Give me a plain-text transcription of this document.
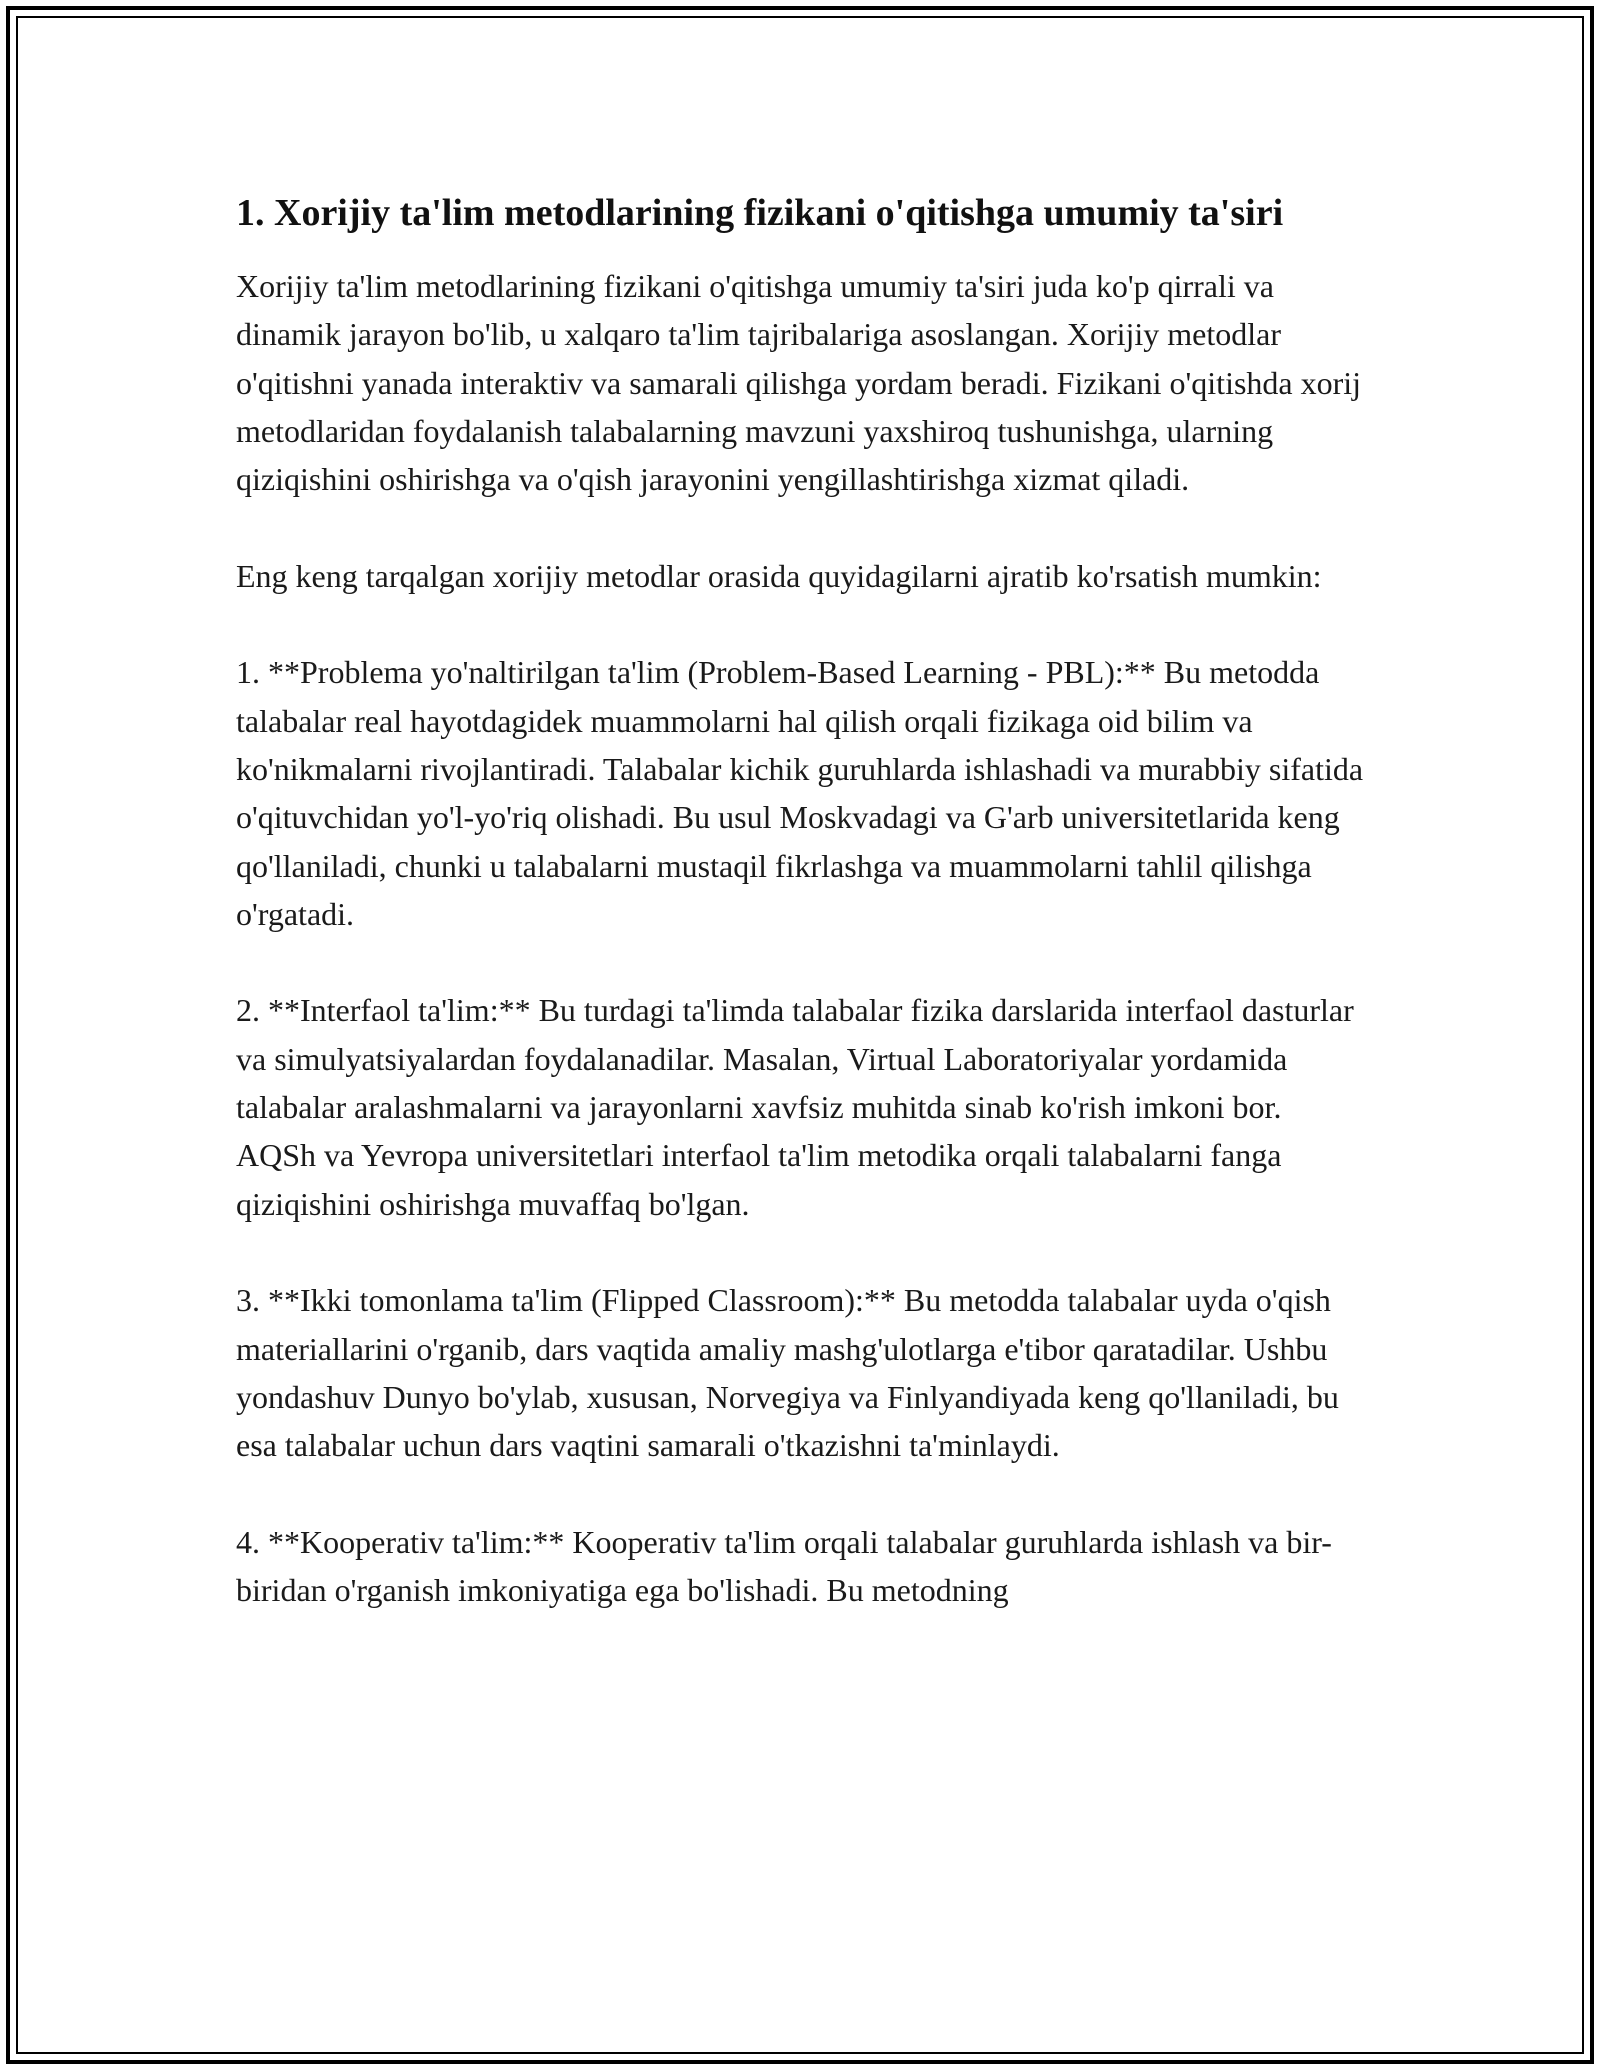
1. Xorijiy ta'lim metodlarining fizikani o'qitishga umumiy ta'siri

Xorijiy ta'lim metodlarining fizikani o'qitishga umumiy ta'siri juda ko'p qirrali va dinamik jarayon bo'lib, u xalqaro ta'lim tajribalariga asoslangan. Xorijiy metodlar o'qitishni yanada interaktiv va samarali qilishga yordam beradi. Fizikani o'qitishda xorij metodlaridan foydalanish talabalarning mavzuni yaxshiroq tushunishga, ularning qiziqishini oshirishga va o'qish jarayonini yengillashtirishga xizmat qiladi.

Eng keng tarqalgan xorijiy metodlar orasida quyidagilarni ajratib ko'rsatish mumkin:

1. **Problema yo'naltirilgan ta'lim (Problem-Based Learning - PBL):** Bu metodda talabalar real hayotdagidek muammolarni hal qilish orqali fizikaga oid bilim va ko'nikmalarni rivojlantiradi. Talabalar kichik guruhlarda ishlashadi va murabbiy sifatida o'qituvchidan yo'l-yo'riq olishadi. Bu usul Moskvadagi va G'arb universitetlarida keng qo'llaniladi, chunki u talabalarni mustaqil fikrlashga va muammolarni tahlil qilishga o'rgatadi.

2. **Interfaol ta'lim:** Bu turdagi ta'limda talabalar fizika darslarida interfaol dasturlar va simulyatsiyalardan foydalanadilar. Masalan, Virtual Laboratoriyalar yordamida talabalar aralashmalarni va jarayonlarni xavfsiz muhitda sinab ko'rish imkoni bor. AQSh va Yevropa universitetlari interfaol ta'lim metodika orqali talabalarni fanga qiziqishini oshirishga muvaffaq bo'lgan.

3. **Ikki tomonlama ta'lim (Flipped Classroom):** Bu metodda talabalar uyda o'qish materiallarini o'rganib, dars vaqtida amaliy mashg'ulotlarga e'tibor qaratadilar. Ushbu yondashuv Dunyo bo'ylab, xususan, Norvegiya va Finlyandiyada keng qo'llaniladi, bu esa talabalar uchun dars vaqtini samarali o'tkazishni ta'minlaydi.

4. **Kooperativ ta'lim:** Kooperativ ta'lim orqali talabalar guruhlarda ishlash va bir-biridan o'rganish imkoniyatiga ega bo'lishadi. Bu metodning
